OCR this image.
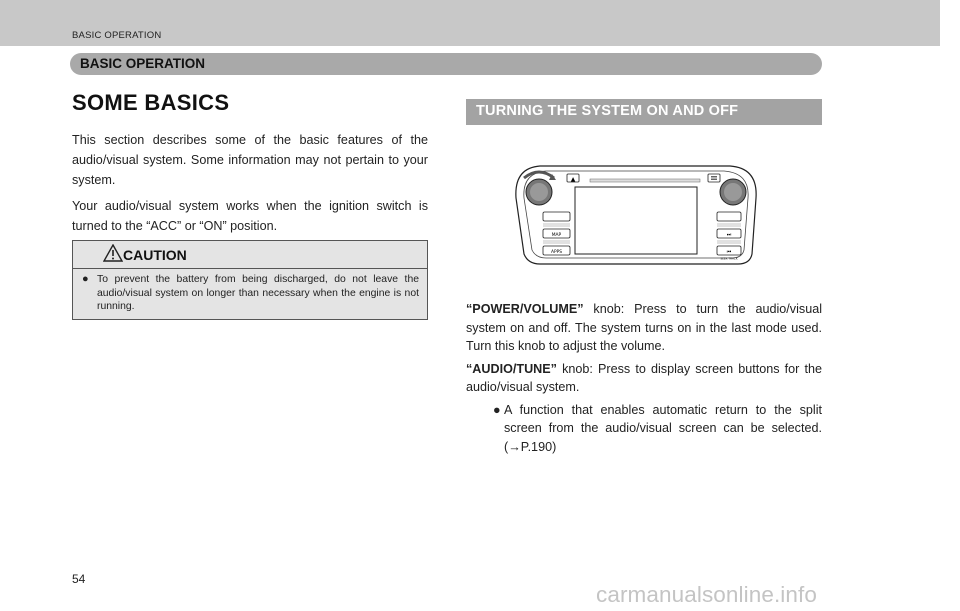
BASIC OPERATION
BASIC OPERATION
SOME BASICS

This section describes some of the basic features of the audio/visual system. Some information may not pertain to your system.

Your audio/visual system works when the ignition switch is turned to the “ACC” or “ON” position.

CAUTION
● To prevent the battery from being discharged, do not leave the audio/visual system on longer than necessary when the engine is not running.
TURNING THE SYSTEM ON AND OFF
▲
MAP
APPS
⏭
⏮
SEEK TRACK

“POWER/VOLUME” knob: Press to turn the audio/visual system on and off. The system turns on in the last mode used. Turn this knob to adjust the volume.

“AUDIO/TUNE” knob: Press to display screen buttons for the audio/visual system.

● A function that enables automatic return to the split screen from the audio/visual screen can be selected. (→P.190)

54
carmanualsonline.info
